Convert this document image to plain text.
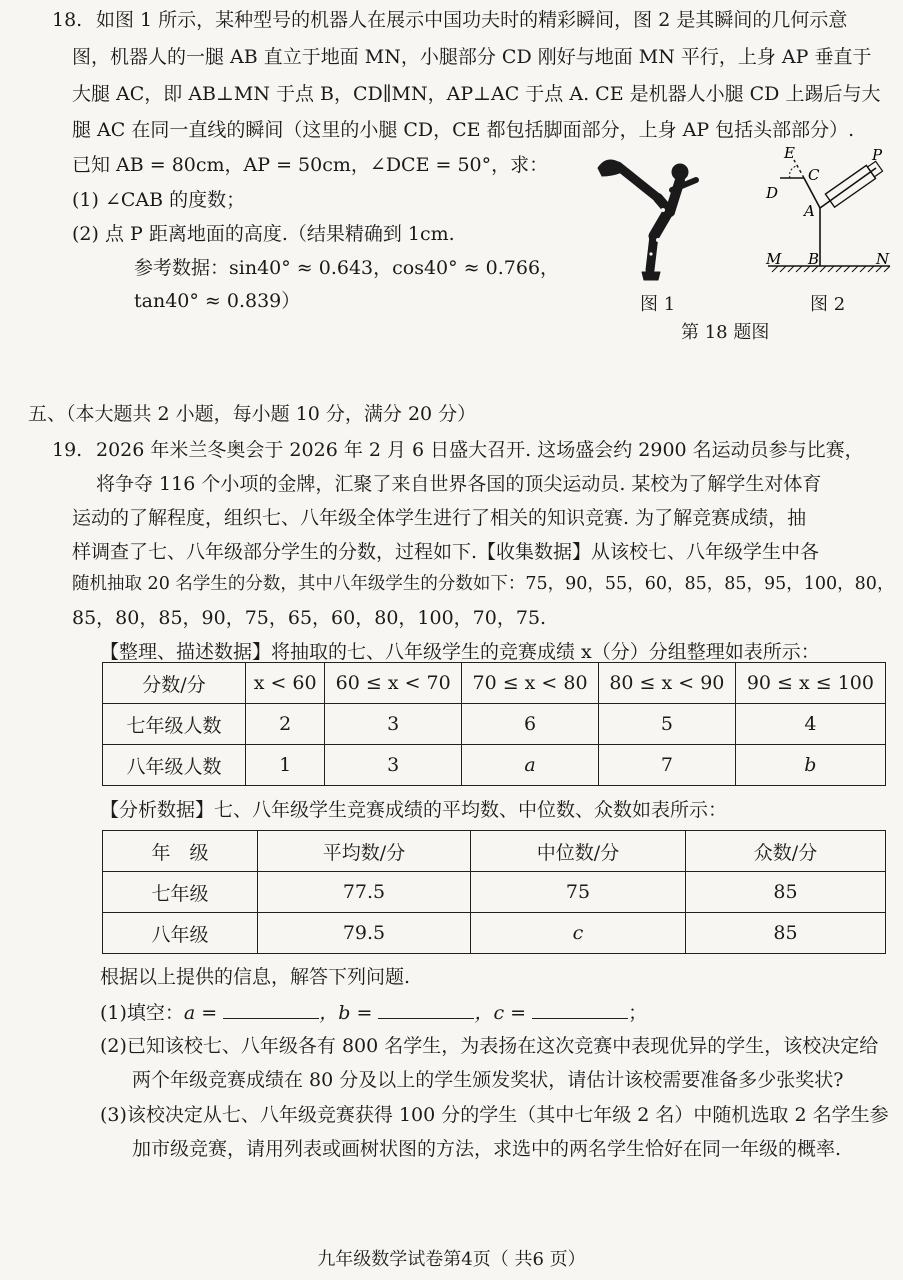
18. 如图 1 所示，某种型号的机器人在展示中国功夫时的精彩瞬间，图 2 是其瞬间的几何示意
图，机器人的一腿 AB 直立于地面 MN，小腿部分 CD 刚好与地面 MN 平行，上身 AP 垂直于
大腿 AC，即 AB⊥MN 于点 B，CD∥MN，AP⊥AC 于点 A. CE 是机器人小腿 CD 上踢后与大
腿 AC 在同一直线的瞬间（这里的小腿 CD，CE 都包括脚面部分，上身 AP 包括头部部分）.
已知 AB = 80cm，AP = 50cm，∠DCE = 50°，求：
(1) ∠CAB 的度数；
(2) 点 P 距离地面的高度.（结果精确到 1cm.
参考数据：sin40° ≈ 0.643，cos40° ≈ 0.766，
tan40° ≈ 0.839）
E
C
D
P
A
M B	N
图 1	图 2
第 18 题图
五、（本大题共 2 小题，每小题 10 分，满分 20 分）
19. 2026 年米兰冬奥会于 2026 年 2 月 6 日盛大召开. 这场盛会约 2900 名运动员参与比赛，
将争夺 116 个小项的金牌，汇聚了来自世界各国的顶尖运动员. 某校为了解学生对体育
运动的了解程度，组织七、八年级全体学生进行了相关的知识竞赛. 为了解竞赛成绩，抽
样调查了七、八年级部分学生的分数，过程如下.【收集数据】从该校七、八年级学生中各
随机抽取 20 名学生的分数，其中八年级学生的分数如下：75，90，55，60，85，85，95，100，80，
85，80，85，90，75，65，60，80，100，70，75.
【整理、描述数据】将抽取的七、八年级学生的竞赛成绩 x（分）分组整理如表所示：
分数/分	x < 60	60 ≤ x < 70	70 ≤ x < 80	80 ≤ x < 90	90 ≤ x ≤ 100
七年级人数	2	3	6	5	4
八年级人数	1	3	a	7	b
【分析数据】七、八年级学生竞赛成绩的平均数、中位数、众数如表所示：
年　级	平均数/分	中位数/分	众数/分
七年级	77.5	75	85
八年级	79.5	c	85
根据以上提供的信息，解答下列问题.
(1)填空：a =	，b =	，c =	；
(2)已知该校七、八年级各有 800 名学生，为表扬在这次竞赛中表现优异的学生，该校决定给
两个年级竞赛成绩在 80 分及以上的学生颁发奖状，请估计该校需要准备多少张奖状?
(3)该校决定从七、八年级竞赛获得 100 分的学生（其中七年级 2 名）中随机选取 2 名学生参
加市级竞赛，请用列表或画树状图的方法，求选中的两名学生恰好在同一年级的概率.
九年级数学试卷第4页（ 共6 页）
